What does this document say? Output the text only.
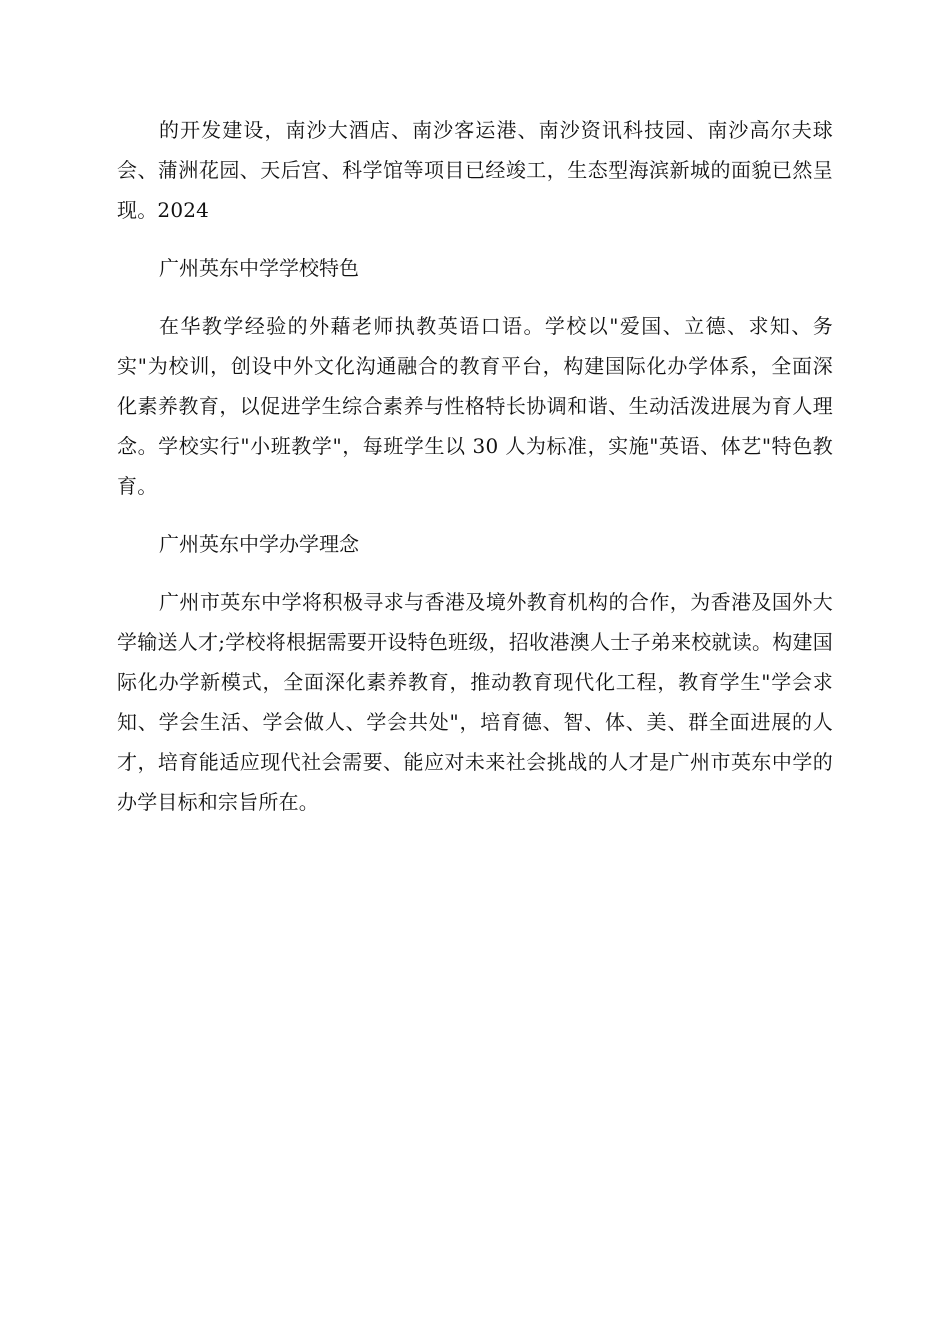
的开发建设，南沙大酒店、南沙客运港、南沙资讯科技园、南沙高尔夫球会、蒲洲花园、天后宫、科学馆等项目已经竣工，生态型海滨新城的面貌已然呈现。2024

广州英东中学学校特色

在华教学经验的外藉老师执教英语口语。学校以"爱国、立德、求知、务实"为校训，创设中外文化沟通融合的教育平台，构建国际化办学体系，全面深化素养教育，以促进学生综合素养与性格特长协调和谐、生动活泼进展为育人理念。学校实行"小班教学"，每班学生以 30 人为标准，实施"英语、体艺"特色教育。

广州英东中学办学理念

广州市英东中学将积极寻求与香港及境外教育机构的合作，为香港及国外大学输送人才;学校将根据需要开设特色班级，招收港澳人士子弟来校就读。构建国际化办学新模式，全面深化素养教育，推动教育现代化工程，教育学生"学会求知、学会生活、学会做人、学会共处"，培育德、智、体、美、群全面进展的人才，培育能适应现代社会需要、能应对未来社会挑战的人才是广州市英东中学的办学目标和宗旨所在。
